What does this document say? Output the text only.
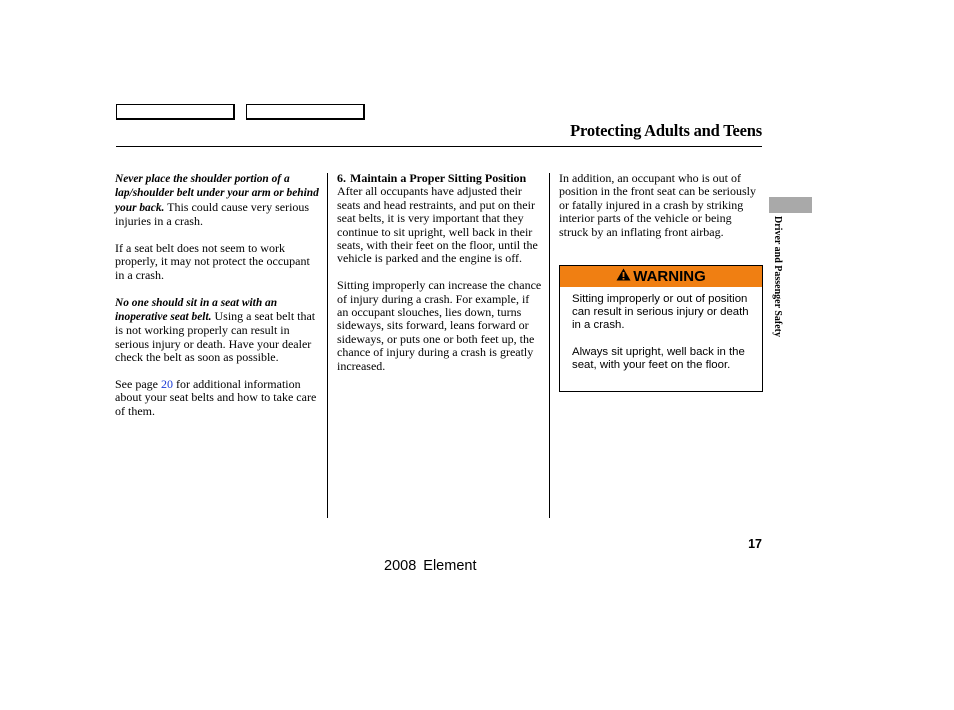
Protecting Adults and Teens

Never place the shoulder portion of a lap/shoulder belt under your arm or behind your back. This could cause very serious injuries in a crash.

If a seat belt does not seem to work properly, it may not protect the occupant in a crash.

No one should sit in a seat with an inoperative seat belt. Using a seat belt that is not working properly can result in serious injury or death. Have your dealer check the belt as soon as possible.

See page 20 for additional information about your seat belts and how to take care of them.

6. Maintain a Proper Sitting Position

After all occupants have adjusted their seats and head restraints, and put on their seat belts, it is very important that they continue to sit upright, well back in their seats, with their feet on the floor, until the vehicle is parked and the engine is off.

Sitting improperly can increase the chance of injury during a crash. For example, if an occupant slouches, lies down, turns sideways, sits forward, leans forward or sideways, or puts one or both feet up, the chance of injury during a crash is greatly increased.

In addition, an occupant who is out of position in the front seat can be seriously or fatally injured in a crash by striking interior parts of the vehicle or being struck by an inflating front airbag.

WARNING

Sitting improperly or out of position can result in serious injury or death in a crash.

Always sit upright, well back in the seat, with your feet on the floor.

Driver and Passenger Safety
17
2008 Element
